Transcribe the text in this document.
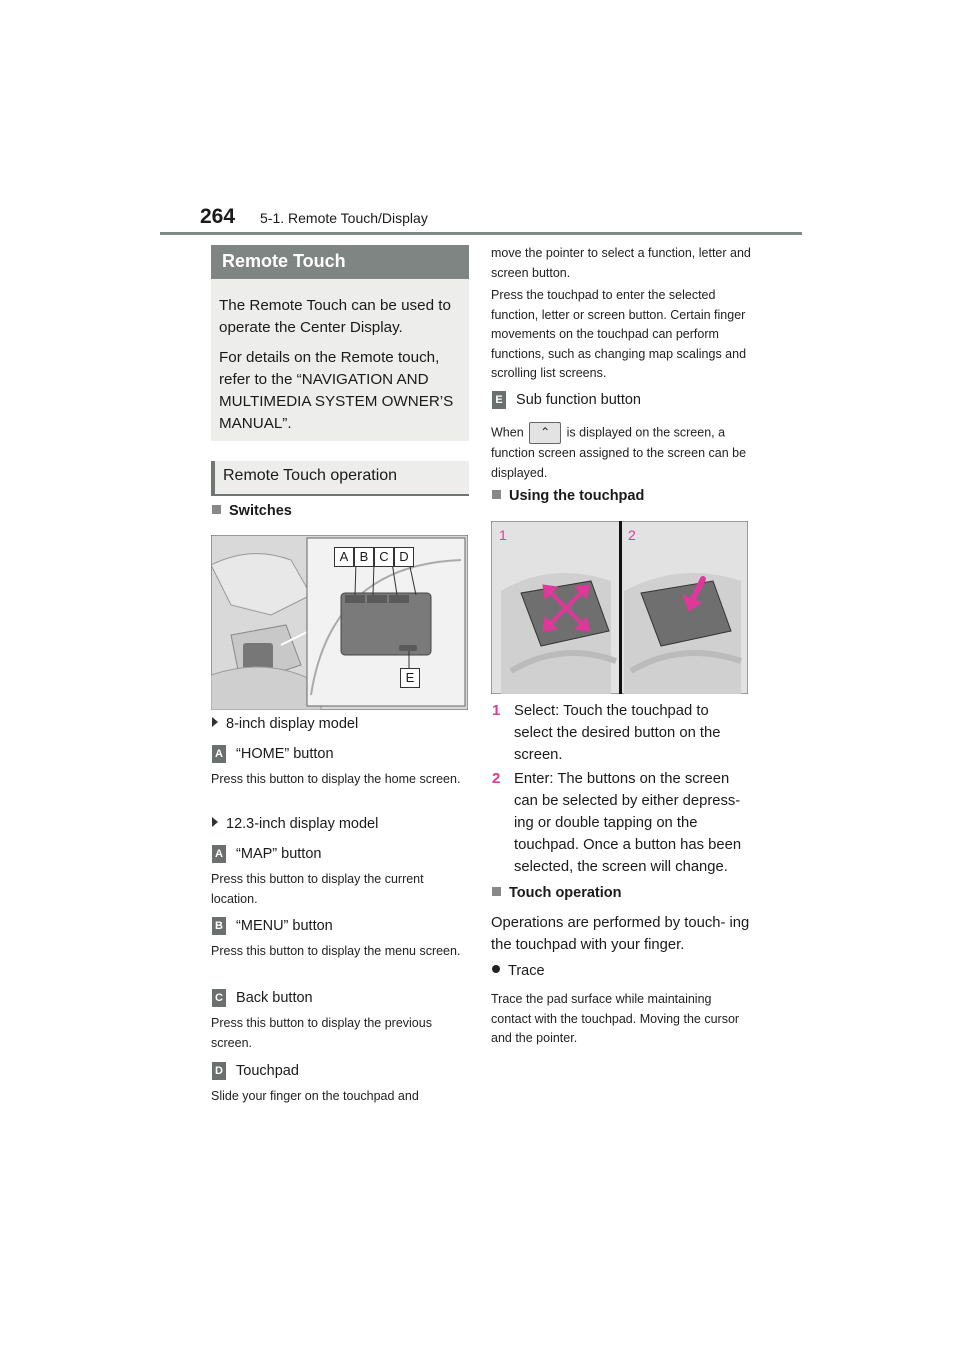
264 5-1. Remote Touch/Display
Remote Touch

The Remote Touch can be used to operate the Center Display.

For details on the Remote touch, refer to the “NAVIGATION AND MULTIMEDIA SYSTEM OWNER’S MANUAL”.

Remote Touch operation
Switches
A B C D
E
8-inch display model
A “HOME” button
Press this button to display the home screen.
12.3-inch display model
A “MAP” button
Press this button to display the current location.
B “MENU” button
Press this button to display the menu screen.
C Back button
Press this button to display the previous screen.
D Touchpad
Slide your finger on the touchpad and
move the pointer to select a function, letter and screen button.
Press the touchpad to enter the selected function, letter or screen button. Certain finger movements on the touchpad can perform functions, such as changing map scalings and scrolling list screens.
E Sub function button
When ⌃ is displayed on the screen, a function screen assigned to the screen can be displayed.
Using the touchpad
1	2
1 Select: Touch the touchpad to select the desired button on the screen.
2 Enter: The buttons on the screen can be selected by either depress- ing or double tapping on the touchpad. Once a button has been selected, the screen will change.
Touch operation
Operations are performed by touch- ing the touchpad with your finger.
Trace
Trace the pad surface while maintaining contact with the touchpad. Moving the cursor and the pointer.
